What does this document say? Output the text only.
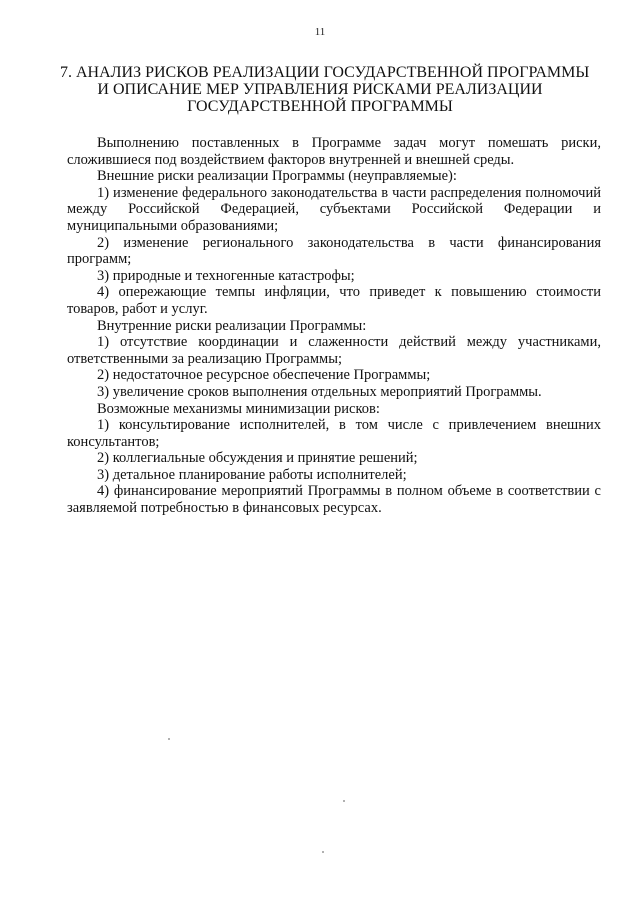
11
7. АНАЛИЗ РИСКОВ РЕАЛИЗАЦИИ ГОСУДАРСТВЕННОЙ ПРОГРАММЫ
И ОПИСАНИЕ МЕР УПРАВЛЕНИЯ РИСКАМИ РЕАЛИЗАЦИИ
ГОСУДАРСТВЕННОЙ ПРОГРАММЫ

Выполнению поставленных в Программе задач могут помешать риски, сложившиеся под воздействием факторов внутренней и внешней среды.

Внешние риски реализации Программы (неуправляемые):

1) изменение федерального законодательства в части распределения полномочий между Российской Федерацией, субъектами Российской Федерации и муниципальными образованиями;

2) изменение регионального законодательства в части финансирования программ;

3) природные и техногенные катастрофы;

4) опережающие темпы инфляции, что приведет к повышению стоимости товаров, работ и услуг.

Внутренние риски реализации Программы:

1) отсутствие координации и слаженности действий между участниками, ответственными за реализацию Программы;

2) недостаточное ресурсное обеспечение Программы;

3) увеличение сроков выполнения отдельных мероприятий Программы.

Возможные механизмы минимизации рисков:

1) консультирование исполнителей, в том числе с привлечением внешних консультантов;

2) коллегиальные обсуждения и принятие решений;

3) детальное планирование работы исполнителей;

4) финансирование мероприятий Программы в полном объеме в соответствии с заявляемой потребностью в финансовых ресурсах.
